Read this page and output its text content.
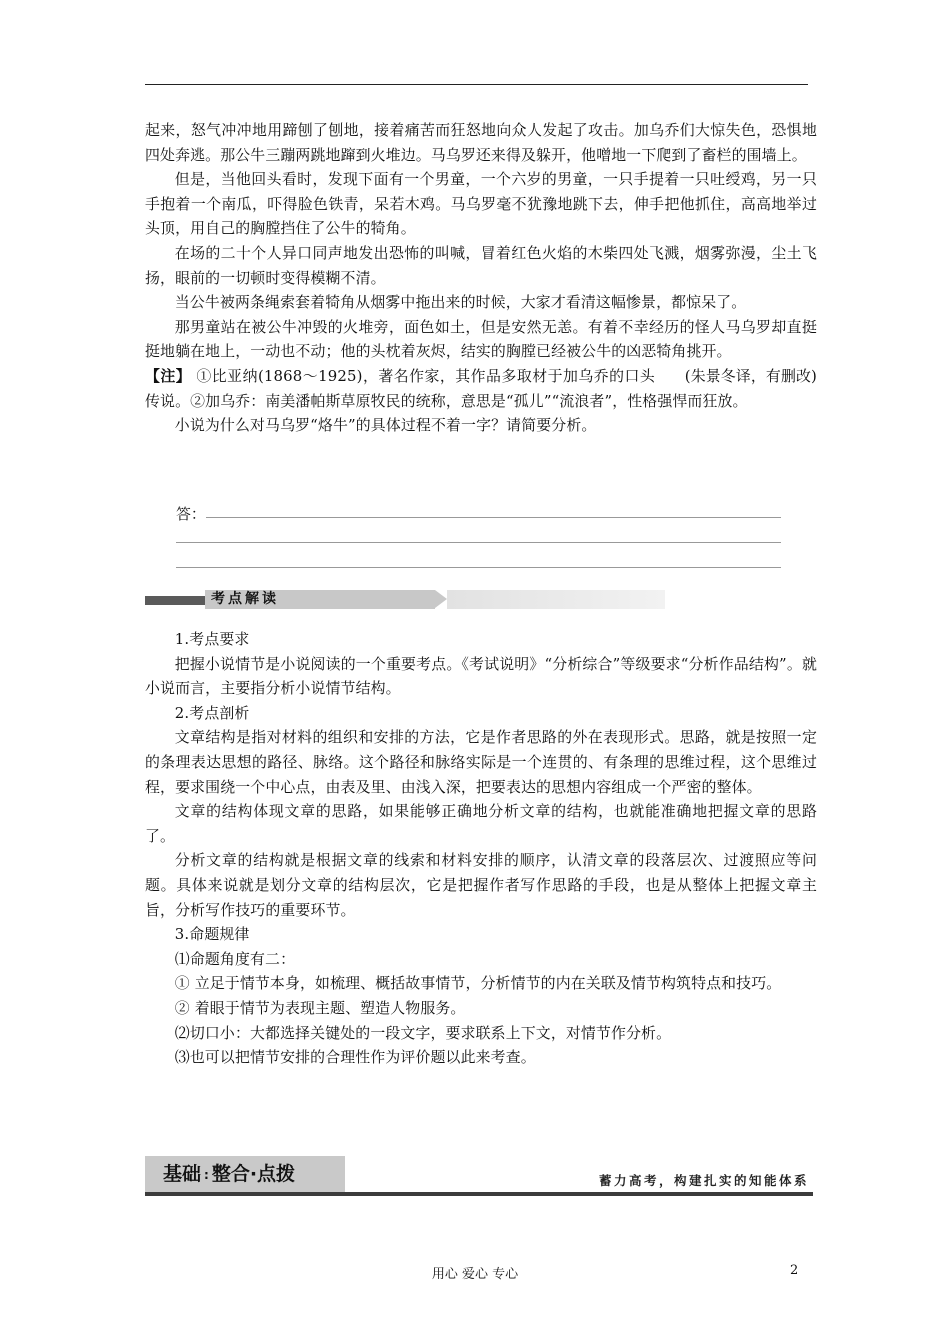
起来，怒气冲冲地用蹄刨了刨地，接着痛苦而狂怒地向众人发起了攻击。加乌乔们大惊失色，恐惧地四处奔逃。那公牛三蹦两跳地蹿到火堆边。马乌罗还来得及躲开，他噌地一下爬到了畜栏的围墙上。

但是，当他回头看时，发现下面有一个男童，一个六岁的男童，一只手提着一只吐绶鸡，另一只手抱着一个南瓜，吓得脸色铁青，呆若木鸡。马乌罗毫不犹豫地跳下去，伸手把他抓住，高高地举过头顶，用自己的胸膛挡住了公牛的犄角。

在场的二十个人异口同声地发出恐怖的叫喊，冒着红色火焰的木柴四处飞溅，烟雾弥漫，尘土飞扬，眼前的一切顿时变得模糊不清。

当公牛被两条绳索套着犄角从烟雾中拖出来的时候，大家才看清这幅惨景，都惊呆了。

那男童站在被公牛冲毁的火堆旁，面色如土，但是安然无恙。有着不幸经历的怪人马乌罗却直挺挺地躺在地上，一动也不动；他的头枕着灰烬，结实的胸膛已经被公牛的凶恶犄角挑开。
(朱景冬译，有删改)

【注】 ①比亚纳(1868～1925)，著名作家，其作品多取材于加乌乔的口头传说。②加乌乔：南美潘帕斯草原牧民的统称，意思是“孤儿”“流浪者”，性格强悍而狂放。

小说为什么对马乌罗“烙牛”的具体过程不着一字？请简要分析。

答：
考点解读

1.考点要求

把握小说情节是小说阅读的一个重要考点。《考试说明》“分析综合”等级要求“分析作品结构”。就小说而言，主要指分析小说情节结构。

2.考点剖析

文章结构是指对材料的组织和安排的方法，它是作者思路的外在表现形式。思路，就是按照一定的条理表达思想的路径、脉络。这个路径和脉络实际是一个连贯的、有条理的思维过程，这个思维过程，要求围绕一个中心点，由表及里、由浅入深，把要表达的思想内容组成一个严密的整体。

文章的结构体现文章的思路，如果能够正确地分析文章的结构，也就能准确地把握文章的思路了。

分析文章的结构就是根据文章的线索和材料安排的顺序，认清文章的段落层次、过渡照应等问题。具体来说就是划分文章的结构层次，它是把握作者写作思路的手段，也是从整体上把握文章主旨，分析写作技巧的重要环节。

3.命题规律

⑴命题角度有二：

① 立足于情节本身，如梳理、概括故事情节，分析情节的内在关联及情节构筑特点和技巧。

② 着眼于情节为表现主题、塑造人物服务。

⑵切口小：大都选择关键处的一段文字，要求联系上下文，对情节作分析。

⑶也可以把情节安排的合理性作为评价题以此来考查。

基础 : 整合·点拨	蓄力高考，构建扎实的知能体系
用心 爱心 专心	2
